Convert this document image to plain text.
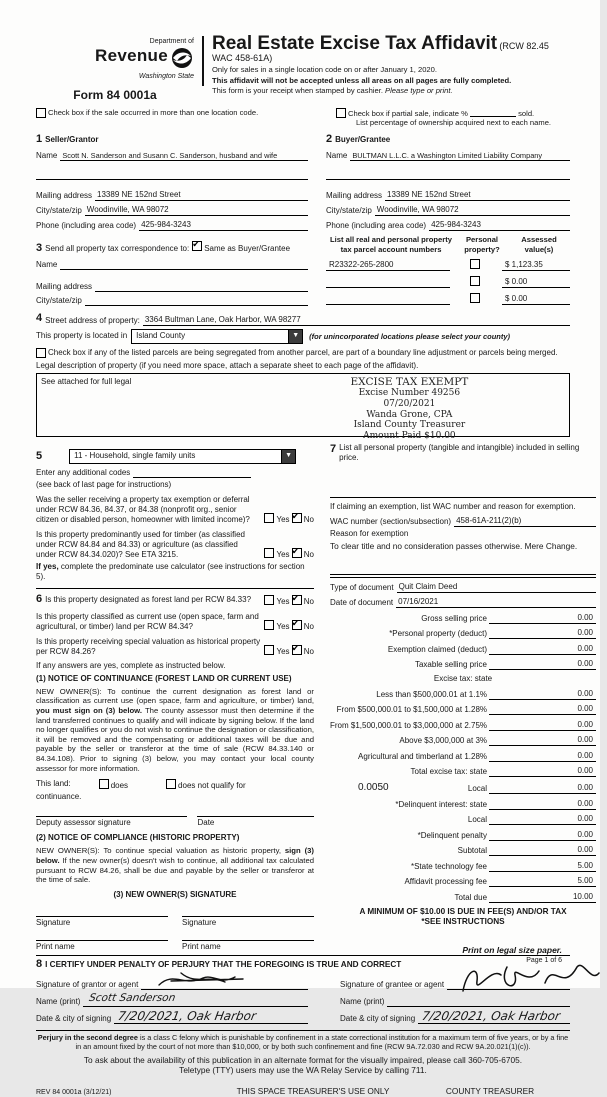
Department of
Revenue
Washington State
Form 84 0001a
Real Estate Excise Tax Affidavit (RCW 82.45 WAC 458-61A)
Only for sales in a single location code on or after January 1, 2020.
This affidavit will not be accepted unless all areas on all pages are fully completed.
This form is your receipt when stamped by cashier. Please type or print.
Check box if the sale occurred in more than one location code.	Check box if partial sale, indicate %	sold.
List percentage of ownership acquired next to each name.
1 Seller/Grantor
Name Scott N. Sanderson and Susann C. Sanderson, husband and wife
Mailing address 13389 NE 152nd Street
City/state/zip Woodinville, WA 98072
Phone (including area code) 425-984-3243
3 Send all property tax correspondence to: ✔ Same as Buyer/Grantee
Name
Mailing address
City/state/zip
2 Buyer/Grantee
Name BULTMAN L.L.C. a Washington Limited Liability Company
Mailing address 13389 NE 152nd Street
City/state/zip Woodinville, WA 98072
Phone (including area code) 425-984-3243
List all real and personal property tax parcel account numbers
Personal property?
Assessed value(s)
R23322-265-2800	$ 1,123.35
$ 0.00
$ 0.00
4 Street address of property: 3364 Bultman Lane, Oak Harbor, WA 98277
This property is located in	Island County	▼	(for unincorporated locations please select your county)
Check box if any of the listed parcels are being segregated from another parcel, are part of a boundary line adjustment or parcels being merged.
Legal description of property (if you need more space, attach a separate sheet to each page of the affidavit).
See attached for full legal	EXCISE TAX EXEMPT
Excise Number 49256
07/20/2021
Wanda Grone, CPA
Island County Treasurer
Amount Paid $10.00
5	11 - Household, single family units	▼
Enter any additional codes
(see back of last page for instructions)
Was the seller receiving a property tax exemption or deferral under RCW 84.36, 84.37, or 84.38 (nonprofit org., senior citizen or disabled person, homeowner with limited income)?	Yes ✔ No
Is this property predominantly used for timber (as classified under RCW 84.84 and 84.33) or agriculture (as classified under RCW 84.34.020)? See ETA 3215.	Yes ✔ No
If yes, complete the predominate use calculator (see instructions for section 5).
6 Is this property designated as forest land per RCW 84.33?	Yes ✔ No
Is this property classified as current use (open space, farm and agricultural, or timber) land per RCW 84.34?	Yes ✔ No
Is this property receiving special valuation as historical property per RCW 84.26?	Yes ✔ No
If any answers are yes, complete as instructed below.
(1) NOTICE OF CONTINUANCE (FOREST LAND OR CURRENT USE)
NEW OWNER(S): To continue the current designation as forest land or classification as current use (open space, farm and agriculture, or timber) land, you must sign on (3) below. The county assessor must then determine if the land transferred continues to qualify and will indicate by signing below. If the land no longer qualifies or you do not wish to continue the designation or classification, it will be removed and the compensating or additional taxes will be due and payable by the seller or transferor at the time of sale (RCW 84.33.140 or 84.34.108). Prior to signing (3) below, you may contact your local county assessor for more information.
This land:	does	does not qualify for
continuance.
Deputy assessor signature	Date
(2) NOTICE OF COMPLIANCE (HISTORIC PROPERTY)
NEW OWNER(S): To continue special valuation as historic property, sign (3) below. If the new owner(s) doesn't wish to continue, all additional tax calculated pursuant to RCW 84.26, shall be due and payable by the seller or transferor at the time of sale.
(3) NEW OWNER(S) SIGNATURE
Signature	Signature
Print name	Print name
7 List all personal property (tangible and intangible) included in selling price.
If claiming an exemption, list WAC number and reason for exemption.
WAC number (section/subsection) 458-61A-211(2)(b)
Reason for exemption
To clear title and no consideration passes otherwise. Mere Change.
Type of document Quit Claim Deed
Date of document 07/16/2021
Gross selling price	0.00
*Personal property (deduct)	0.00
Exemption claimed (deduct)	0.00
Taxable selling price	0.00
Excise tax: state
Less than $500,000.01 at 1.1%	0.00
From $500,000.01 to $1,500,000 at 1.28%	0.00
From $1,500,000.01 to $3,000,000 at 2.75%	0.00
Above $3,000,000 at 3%	0.00
Agricultural and timberland at 1.28%	0.00
Total excise tax: state	0.00
0.0050	Local	0.00
*Delinquent interest: state	0.00
Local	0.00
*Delinquent penalty	0.00
Subtotal	0.00
*State technology fee	5.00
Affidavit processing fee	5.00
Total due	10.00
A MINIMUM OF $10.00 IS DUE IN FEE(S) AND/OR TAX
*SEE INSTRUCTIONS
8 I CERTIFY UNDER PENALTY OF PERJURY THAT THE FOREGOING IS TRUE AND CORRECT
Signature of grantor or agent
Name (print) Scott Sanderson
Date & city of signing 7/20/2021, Oak Harbor
Signature of grantee or agent
Name (print)
Date & city of signing 7/20/2021, Oak Harbor
Perjury in the second degree is a class C felony which is punishable by confinement in a state correctional institution for a maximum term of five years, or by a fine in an amount fixed by the court of not more than $10,000, or by both such confinement and fine (RCW 9A.72.030 and RCW 9A.20.021(1)(c)).
To ask about the availability of this publication in an alternate format for the visually impaired, please call 360-705-6705. Teletype (TTY) users may use the WA Relay Service by calling 711.
REV 84 0001a (3/12/21)	THIS SPACE TREASURER'S USE ONLY	COUNTY TREASURER
Print on legal size paper.
Page 1 of 6
